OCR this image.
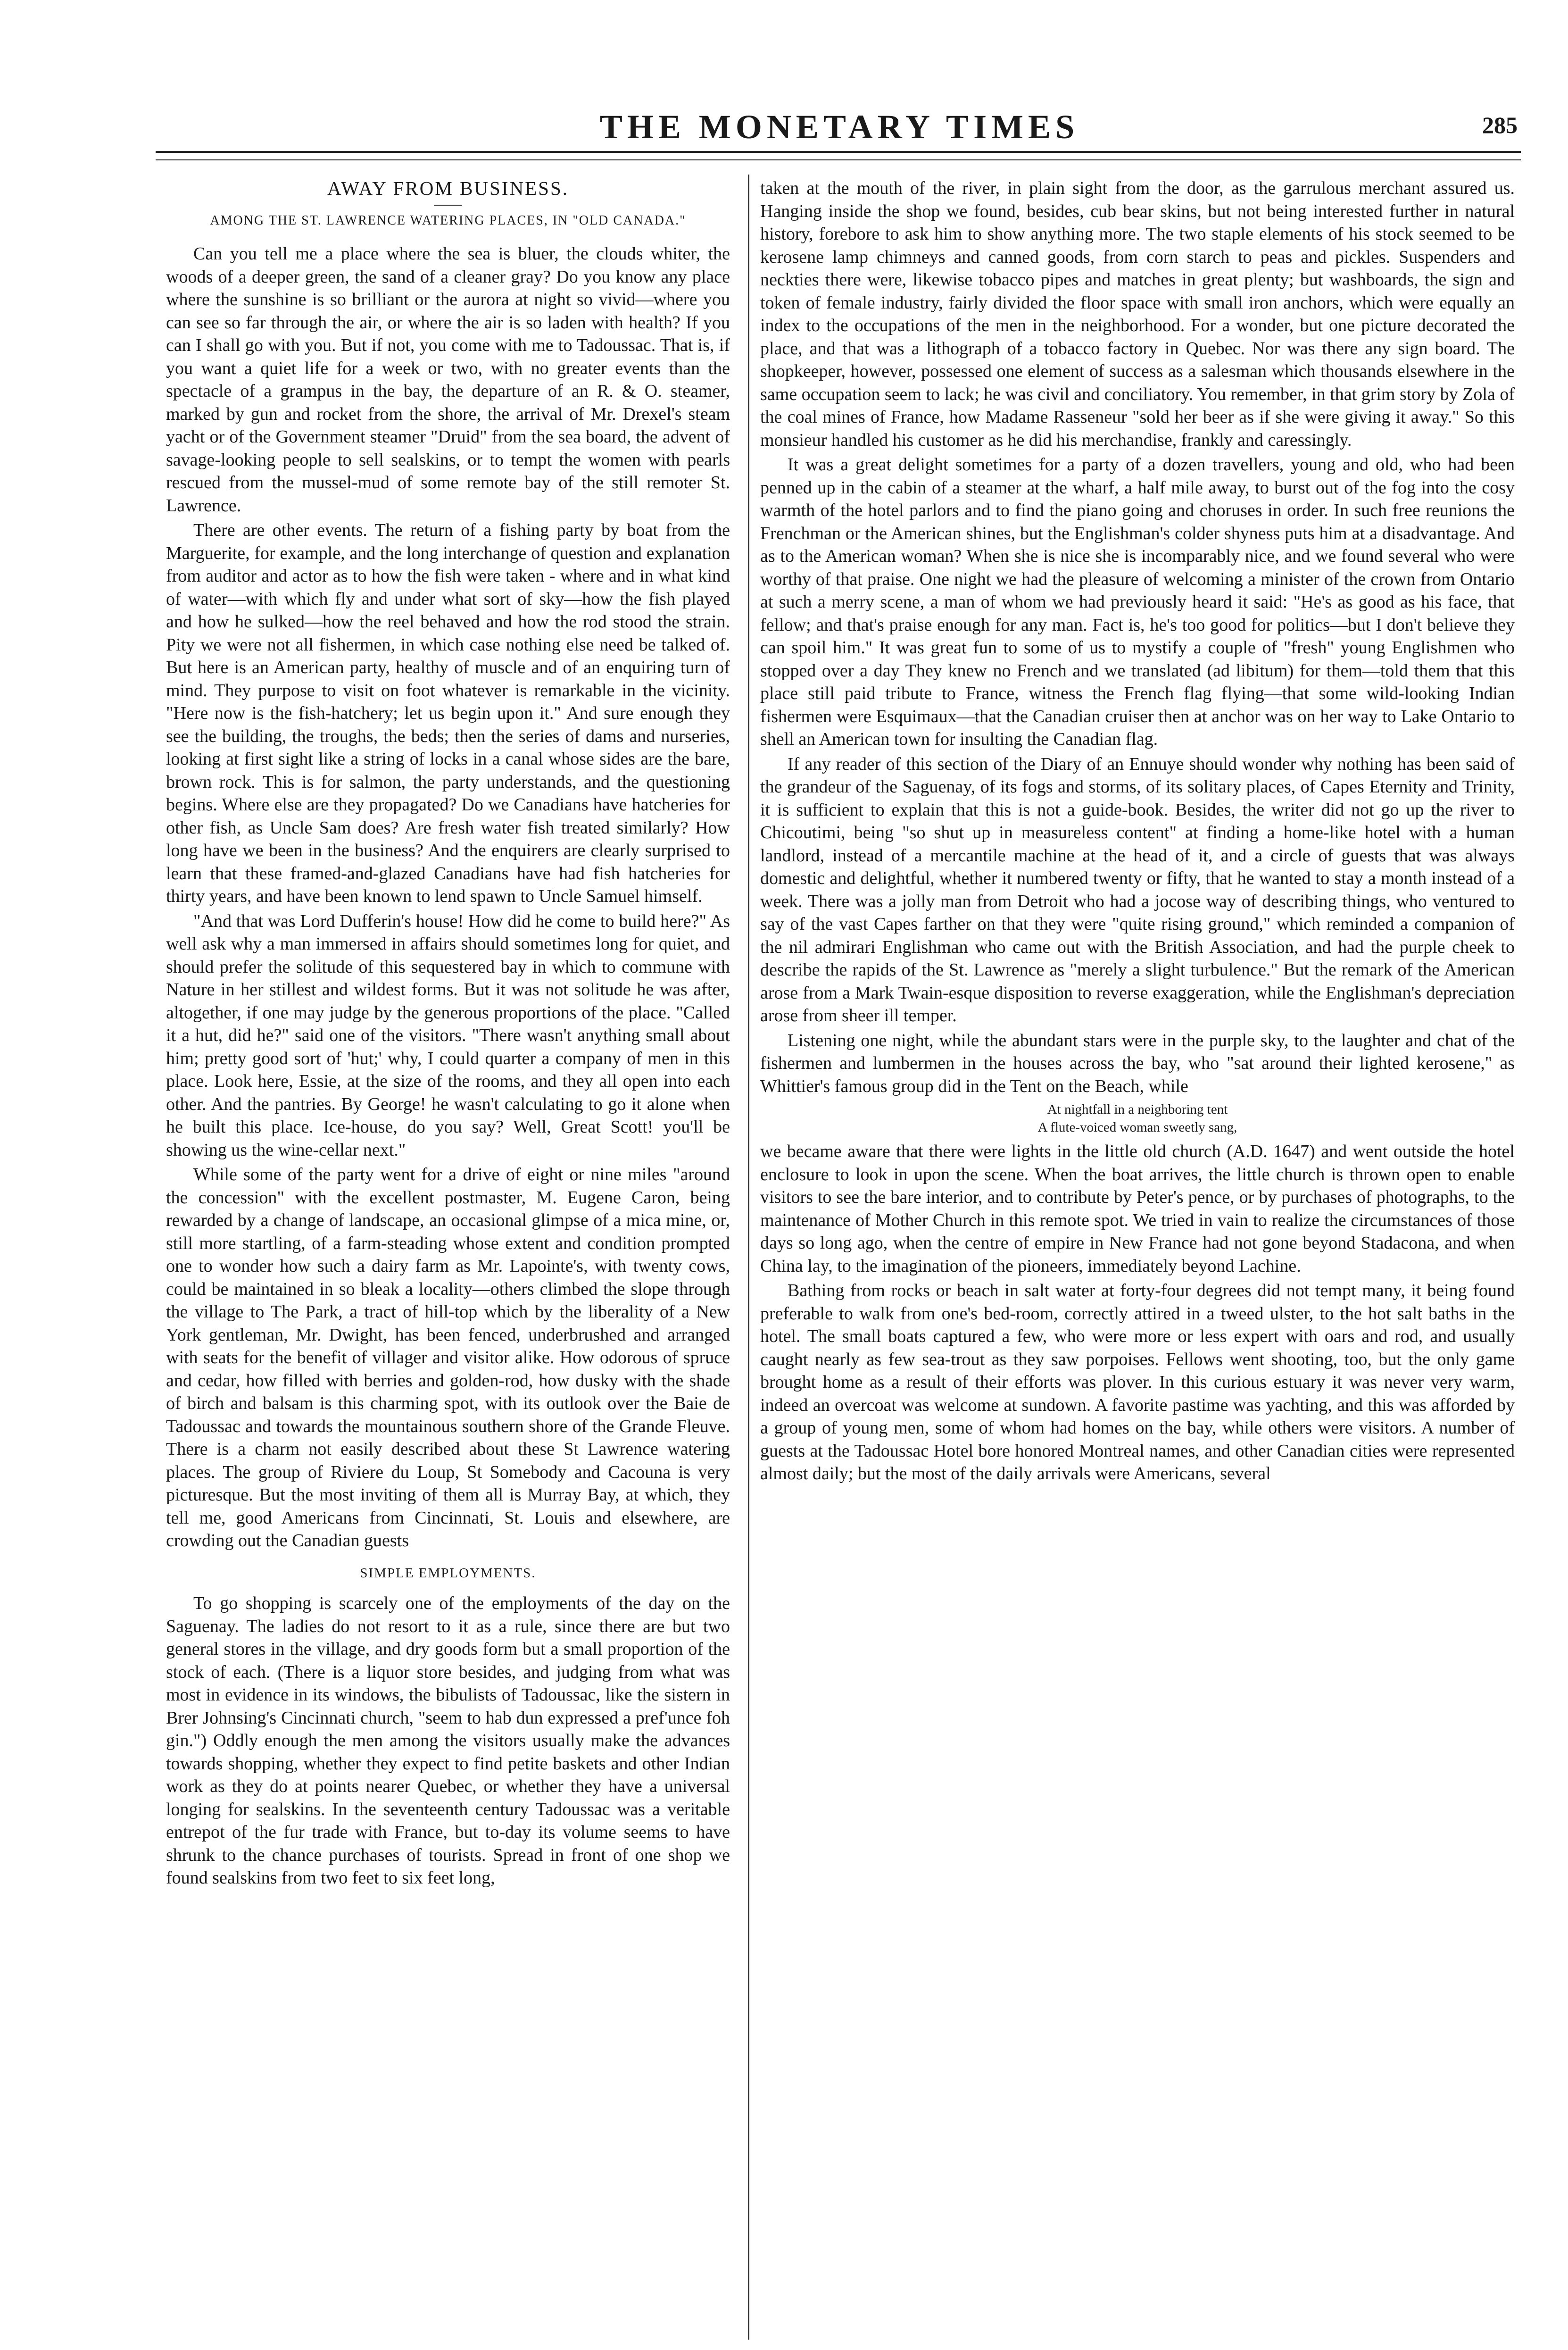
THE MONETARY TIMES	285
AWAY FROM BUSINESS.
AMONG THE ST. LAWRENCE WATERING PLACES, IN "OLD CANADA."

Can you tell me a place where the sea is bluer, the clouds whiter, the woods of a deeper green, the sand of a cleaner gray? Do you know any place where the sunshine is so brilliant or the aurora at night so vivid—where you can see so far through the air, or where the air is so laden with health? If you can I shall go with you. But if not, you come with me to Tadoussac. That is, if you want a quiet life for a week or two, with no greater events than the spectacle of a grampus in the bay, the departure of an R. & O. steamer, marked by gun and rocket from the shore, the arrival of Mr. Drexel's steam yacht or of the Government steamer "Druid" from the sea board, the advent of savage-looking people to sell sealskins, or to tempt the women with pearls rescued from the mussel-mud of some remote bay of the still remoter St. Lawrence.

There are other events. The return of a fishing party by boat from the Marguerite, for example, and the long interchange of question and explanation from auditor and actor as to how the fish were taken - where and in what kind of water—with which fly and under what sort of sky—how the fish played and how he sulked—how the reel behaved and how the rod stood the strain. Pity we were not all fishermen, in which case nothing else need be talked of. But here is an American party, healthy of muscle and of an enquiring turn of mind. They purpose to visit on foot whatever is remarkable in the vicinity. "Here now is the fish-hatchery; let us begin upon it." And sure enough they see the building, the troughs, the beds; then the series of dams and nurseries, looking at first sight like a string of locks in a canal whose sides are the bare, brown rock. This is for salmon, the party understands, and the questioning begins. Where else are they propagated? Do we Canadians have hatcheries for other fish, as Uncle Sam does? Are fresh water fish treated similarly? How long have we been in the business? And the enquirers are clearly surprised to learn that these framed-and-glazed Canadians have had fish hatcheries for thirty years, and have been known to lend spawn to Uncle Samuel himself.

"And that was Lord Dufferin's house! How did he come to build here?" As well ask why a man immersed in affairs should sometimes long for quiet, and should prefer the solitude of this sequestered bay in which to commune with Nature in her stillest and wildest forms. But it was not solitude he was after, altogether, if one may judge by the generous proportions of the place. "Called it a hut, did he?" said one of the visitors. "There wasn't anything small about him; pretty good sort of 'hut;' why, I could quarter a company of men in this place. Look here, Essie, at the size of the rooms, and they all open into each other. And the pantries. By George! he wasn't calculating to go it alone when he built this place. Ice-house, do you say? Well, Great Scott! you'll be showing us the wine-cellar next."

While some of the party went for a drive of eight or nine miles "around the concession" with the excellent postmaster, M. Eugene Caron, being rewarded by a change of landscape, an occasional glimpse of a mica mine, or, still more startling, of a farm-steading whose extent and condition prompted one to wonder how such a dairy farm as Mr. Lapointe's, with twenty cows, could be maintained in so bleak a locality—others climbed the slope through the village to The Park, a tract of hill-top which by the liberality of a New York gentleman, Mr. Dwight, has been fenced, underbrushed and arranged with seats for the benefit of villager and visitor alike. How odorous of spruce and cedar, how filled with berries and golden-rod, how dusky with the shade of birch and balsam is this charming spot, with its outlook over the Baie de Tadoussac and towards the mountainous southern shore of the Grande Fleuve. There is a charm not easily described about these St Lawrence watering places. The group of Riviere du Loup, St Somebody and Cacouna is very picturesque. But the most inviting of them all is Murray Bay, at which, they tell me, good Americans from Cincinnati, St. Louis and elsewhere, are crowding out the Canadian guests

SIMPLE EMPLOYMENTS.

To go shopping is scarcely one of the employments of the day on the Saguenay. The ladies do not resort to it as a rule, since there are but two general stores in the village, and dry goods form but a small proportion of the stock of each. (There is a liquor store besides, and judging from what was most in evidence in its windows, the bibulists of Tadoussac, like the sistern in Brer Johnsing's Cincinnati church, "seem to hab dun expressed a pref'unce foh gin.") Oddly enough the men among the visitors usually make the advances towards shopping, whether they expect to find petite baskets and other Indian work as they do at points nearer Quebec, or whether they have a universal longing for sealskins. In the seventeenth century Tadoussac was a veritable entrepot of the fur trade with France, but to-day its volume seems to have shrunk to the chance purchases of tourists. Spread in front of one shop we found sealskins from two feet to six feet long,

taken at the mouth of the river, in plain sight from the door, as the garrulous merchant assured us. Hanging inside the shop we found, besides, cub bear skins, but not being interested further in natural history, forebore to ask him to show anything more. The two staple elements of his stock seemed to be kerosene lamp chimneys and canned goods, from corn starch to peas and pickles. Suspenders and neckties there were, likewise tobacco pipes and matches in great plenty; but washboards, the sign and token of female industry, fairly divided the floor space with small iron anchors, which were equally an index to the occupations of the men in the neighborhood. For a wonder, but one picture decorated the place, and that was a lithograph of a tobacco factory in Quebec. Nor was there any sign board. The shopkeeper, however, possessed one element of success as a salesman which thousands elsewhere in the same occupation seem to lack; he was civil and conciliatory. You remember, in that grim story by Zola of the coal mines of France, how Madame Rasseneur "sold her beer as if she were giving it away." So this monsieur handled his customer as he did his merchandise, frankly and caressingly.

It was a great delight sometimes for a party of a dozen travellers, young and old, who had been penned up in the cabin of a steamer at the wharf, a half mile away, to burst out of the fog into the cosy warmth of the hotel parlors and to find the piano going and choruses in order. In such free reunions the Frenchman or the American shines, but the Englishman's colder shyness puts him at a disadvantage. And as to the American woman? When she is nice she is incomparably nice, and we found several who were worthy of that praise. One night we had the pleasure of welcoming a minister of the crown from Ontario at such a merry scene, a man of whom we had previously heard it said: "He's as good as his face, that fellow; and that's praise enough for any man. Fact is, he's too good for politics—but I don't believe they can spoil him." It was great fun to some of us to mystify a couple of "fresh" young Englishmen who stopped over a day They knew no French and we translated (ad libitum) for them—told them that this place still paid tribute to France, witness the French flag flying—that some wild-looking Indian fishermen were Esquimaux—that the Canadian cruiser then at anchor was on her way to Lake Ontario to shell an American town for insulting the Canadian flag.

If any reader of this section of the Diary of an Ennuye should wonder why nothing has been said of the grandeur of the Saguenay, of its fogs and storms, of its solitary places, of Capes Eternity and Trinity, it is sufficient to explain that this is not a guide-book. Besides, the writer did not go up the river to Chicoutimi, being "so shut up in measureless content" at finding a home-like hotel with a human landlord, instead of a mercantile machine at the head of it, and a circle of guests that was always domestic and delightful, whether it numbered twenty or fifty, that he wanted to stay a month instead of a week. There was a jolly man from Detroit who had a jocose way of describing things, who ventured to say of the vast Capes farther on that they were "quite rising ground," which reminded a companion of the nil admirari Englishman who came out with the British Association, and had the purple cheek to describe the rapids of the St. Lawrence as "merely a slight turbulence." But the remark of the American arose from a Mark Twain-esque disposition to reverse exaggeration, while the Englishman's depreciation arose from sheer ill temper.

Listening one night, while the abundant stars were in the purple sky, to the laughter and chat of the fishermen and lumbermen in the houses across the bay, who "sat around their lighted kerosene," as Whittier's famous group did in the Tent on the Beach, while

At nightfall in a neighboring tent
A flute-voiced woman sweetly sang,

we became aware that there were lights in the little old church (A.D. 1647) and went outside the hotel enclosure to look in upon the scene. When the boat arrives, the little church is thrown open to enable visitors to see the bare interior, and to contribute by Peter's pence, or by purchases of photographs, to the maintenance of Mother Church in this remote spot. We tried in vain to realize the circumstances of those days so long ago, when the centre of empire in New France had not gone beyond Stadacona, and when China lay, to the imagination of the pioneers, immediately beyond Lachine.

Bathing from rocks or beach in salt water at forty-four degrees did not tempt many, it being found preferable to walk from one's bed-room, correctly attired in a tweed ulster, to the hot salt baths in the hotel. The small boats captured a few, who were more or less expert with oars and rod, and usually caught nearly as few sea-trout as they saw porpoises. Fellows went shooting, too, but the only game brought home as a result of their efforts was plover. In this curious estuary it was never very warm, indeed an overcoat was welcome at sundown. A favorite pastime was yachting, and this was afforded by a group of young men, some of whom had homes on the bay, while others were visitors. A number of guests at the Tadoussac Hotel bore honored Montreal names, and other Canadian cities were represented almost daily; but the most of the daily arrivals were Americans, several
